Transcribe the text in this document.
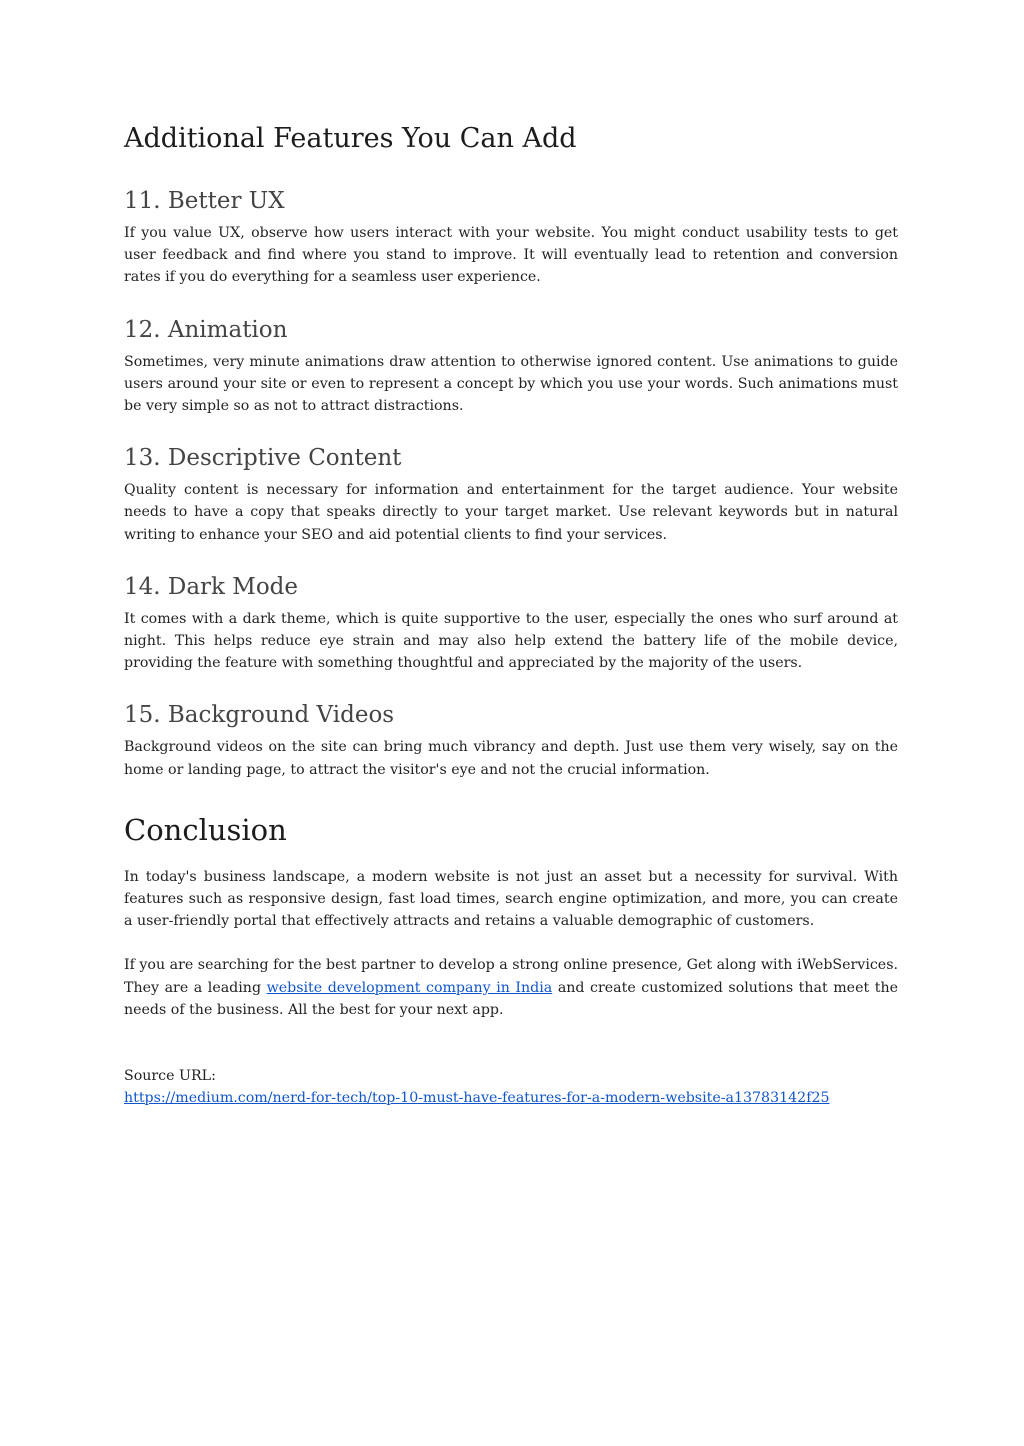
Additional Features You Can Add
11. Better UX

If you value UX, observe how users interact with your website. You might conduct usability tests to get user feedback and find where you stand to improve. It will eventually lead to retention and conversion rates if you do everything for a seamless user experience.

12. Animation

Sometimes, very minute animations draw attention to otherwise ignored content. Use animations to guide users around your site or even to represent a concept by which you use your words. Such animations must be very simple so as not to attract distractions.

13. Descriptive Content

Quality content is necessary for information and entertainment for the target audience. Your website needs to have a copy that speaks directly to your target market. Use relevant keywords but in natural writing to enhance your SEO and aid potential clients to find your services.

14. Dark Mode

It comes with a dark theme, which is quite supportive to the user, especially the ones who surf around at night. This helps reduce eye strain and may also help extend the battery life of the mobile device, providing the feature with something thoughtful and appreciated by the majority of the users.

15. Background Videos

Background videos on the site can bring much vibrancy and depth. Just use them very wisely, say on the home or landing page, to attract the visitor's eye and not the crucial information.

Conclusion

In today's business landscape, a modern website is not just an asset but a necessity for survival. With features such as responsive design, fast load times, search engine optimization, and more, you can create a user-friendly portal that effectively attracts and retains a valuable demographic of customers.

If you are searching for the best partner to develop a strong online presence, Get along with iWebServices. They are a leading website development company in India and create customized solutions that meet the needs of the business. All the best for your next app.

Source URL:
https://medium.com/nerd-for-tech/top-10-must-have-features-for-a-modern-website-a13783142f25
